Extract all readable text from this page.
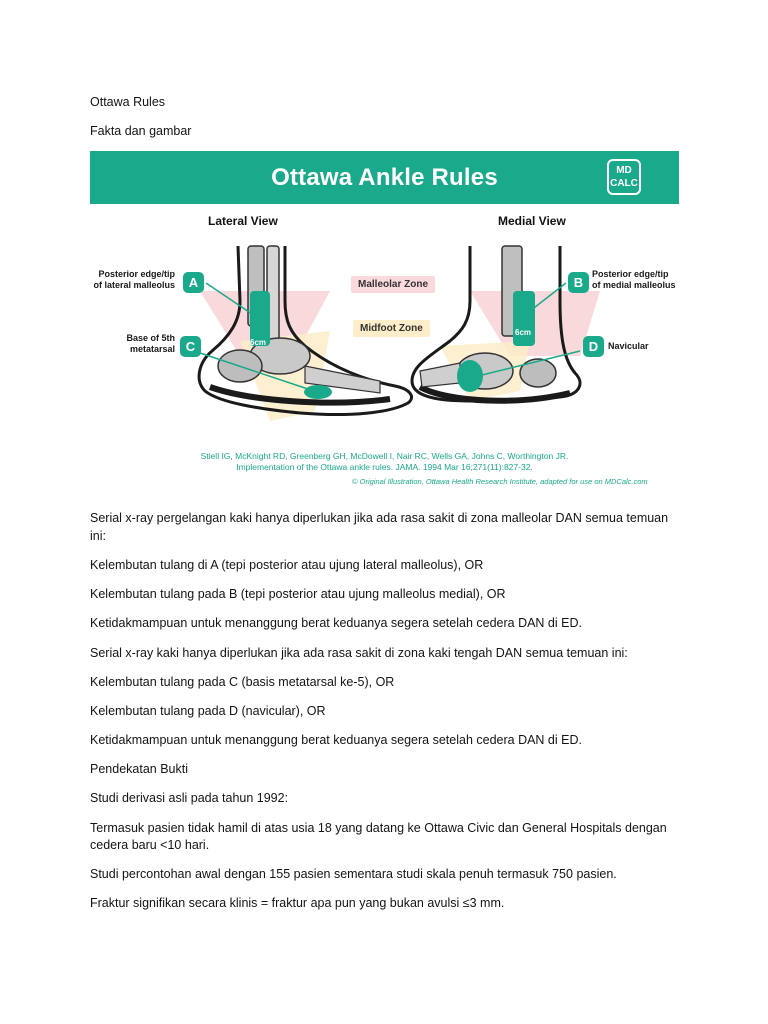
Ottawa Rules
Fakta dan gambar
Ottawa Ankle Rules	MD
CALC
Lateral View	Medial View
Posterior edge/tip
of lateral malleolus	A
Base of 5th
metatarsal C
B
Posterior edge/tip
of medial malleolus
D	Navicular
Malleolar Zone
Midfoot Zone
6cm
6cm
Stiell IG, McKnight RD, Greenberg GH, McDowell I, Nair RC, Wells GA, Johns C, Worthington JR.
Implementation of the Ottawa ankle rules. JAMA. 1994 Mar 16;271(11):827-32.
© Original Illustration, Ottawa Health Research Institute, adapted for use on MDCalc.com
Serial x-ray pergelangan kaki hanya diperlukan jika ada rasa sakit di zona malleolar DAN semua temuan
ini:
Kelembutan tulang di A (tepi posterior atau ujung lateral malleolus), OR
Kelembutan tulang pada B (tepi posterior atau ujung malleolus medial), OR
Ketidakmampuan untuk menanggung berat keduanya segera setelah cedera DAN di ED.
Serial x-ray kaki hanya diperlukan jika ada rasa sakit di zona kaki tengah DAN semua temuan ini:
Kelembutan tulang pada C (basis metatarsal ke-5), OR
Kelembutan tulang pada D (navicular), OR
Ketidakmampuan untuk menanggung berat keduanya segera setelah cedera DAN di ED.
Pendekatan Bukti
Studi derivasi asli pada tahun 1992:
Termasuk pasien tidak hamil di atas usia 18 yang datang ke Ottawa Civic dan General Hospitals dengan
cedera baru <10 hari.
Studi percontohan awal dengan 155 pasien sementara studi skala penuh termasuk 750 pasien.
Fraktur signifikan secara klinis = fraktur apa pun yang bukan avulsi ≤3 mm.
